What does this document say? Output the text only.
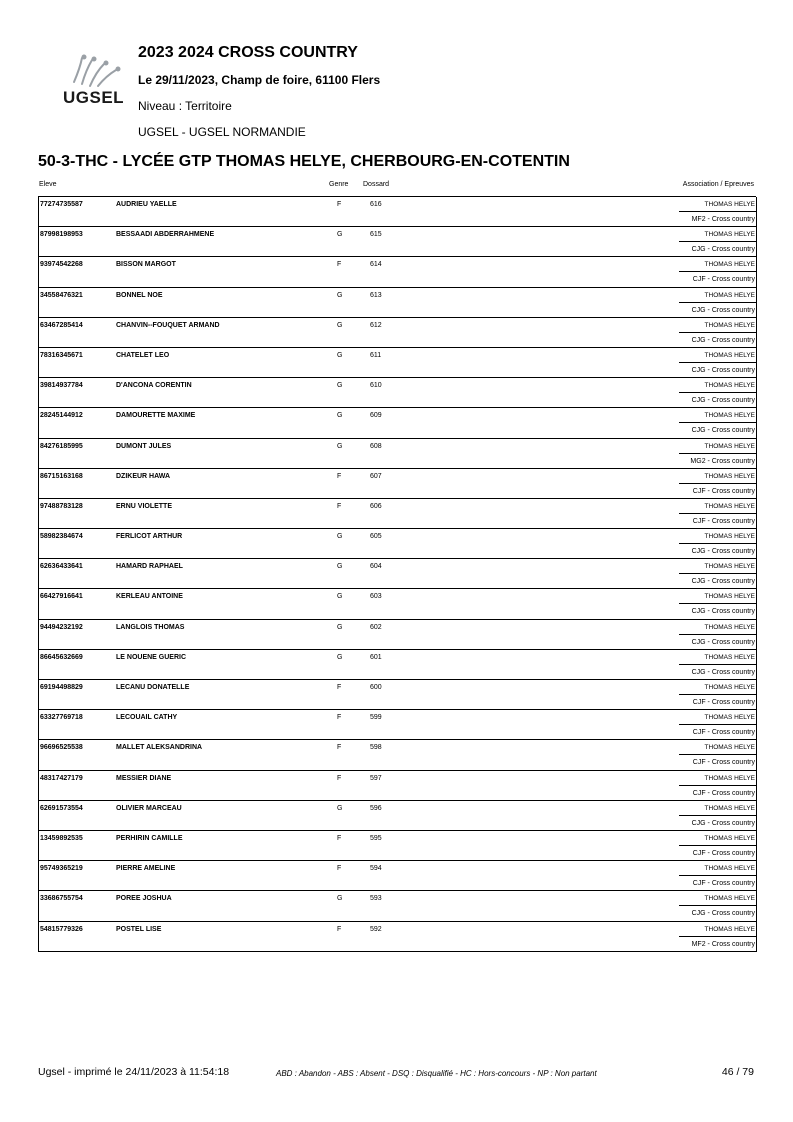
UGSEL
2023 2024 CROSS COUNTRY
Le 29/11/2023, Champ de foire, 61100 Flers
Niveau : Territoire
UGSEL - UGSEL NORMANDIE
50-3-THC - LYCÉE GTP THOMAS HELYE, CHERBOURG-EN-COTENTIN
Eleve	Genre Dossard	Association / Epreuves
77274735587	AUDRIEU YAELLE	F	616	THOMAS HELYE
MF2 - Cross country
87998198953	BESSAADI ABDERRAHMENE	G	615	THOMAS HELYE
CJG - Cross country
93974542268	BISSON MARGOT	F	614	THOMAS HELYE
CJF - Cross country
34558476321	BONNEL NOE	G	613	THOMAS HELYE
CJG - Cross country
63467285414	CHANVIN--FOUQUET ARMAND	G	612	THOMAS HELYE
CJG - Cross country
78316345671	CHATELET LEO	G	611	THOMAS HELYE
CJG - Cross country
39814937784	D'ANCONA CORENTIN	G	610	THOMAS HELYE
CJG - Cross country
28245144912	DAMOURETTE MAXIME	G	609	THOMAS HELYE
CJG - Cross country
84276185995	DUMONT JULES	G	608	THOMAS HELYE
MG2 - Cross country
86715163168	DZIKEUR HAWA	F	607	THOMAS HELYE
CJF - Cross country
97488783128	ERNU VIOLETTE	F	606	THOMAS HELYE
CJF - Cross country
58982384674	FERLICOT ARTHUR	G	605	THOMAS HELYE
CJG - Cross country
62636433641	HAMARD RAPHAEL	G	604	THOMAS HELYE
CJG - Cross country
66427916641	KERLEAU ANTOINE	G	603	THOMAS HELYE
CJG - Cross country
94494232192	LANGLOIS THOMAS	G	602	THOMAS HELYE
CJG - Cross country
86645632669	LE NOUENE GUERIC	G	601	THOMAS HELYE
CJG - Cross country
69194498829	LECANU DONATELLE	F	600	THOMAS HELYE
CJF - Cross country
63327769718	LECOUAIL CATHY	F	599	THOMAS HELYE
CJF - Cross country
96696525538	MALLET ALEKSANDRINA	F	598	THOMAS HELYE
CJF - Cross country
48317427179	MESSIER DIANE	F	597	THOMAS HELYE
CJF - Cross country
62691573554	OLIVIER MARCEAU	G	596	THOMAS HELYE
CJG - Cross country
13459892535	PERHIRIN CAMILLE	F	595	THOMAS HELYE
CJF - Cross country
95749365219	PIERRE AMELINE	F	594	THOMAS HELYE
CJF - Cross country
33686755754	POREE JOSHUA	G	593	THOMAS HELYE
CJG - Cross country
54815779326	POSTEL LISE	F	592	THOMAS HELYE
MF2 - Cross country
Ugsel - imprimé le 24/11/2023 à 11:54:18	ABD : Abandon - ABS : Absent - DSQ : Disqualifié - HC : Hors-concours - NP : Non partant	46 / 79
